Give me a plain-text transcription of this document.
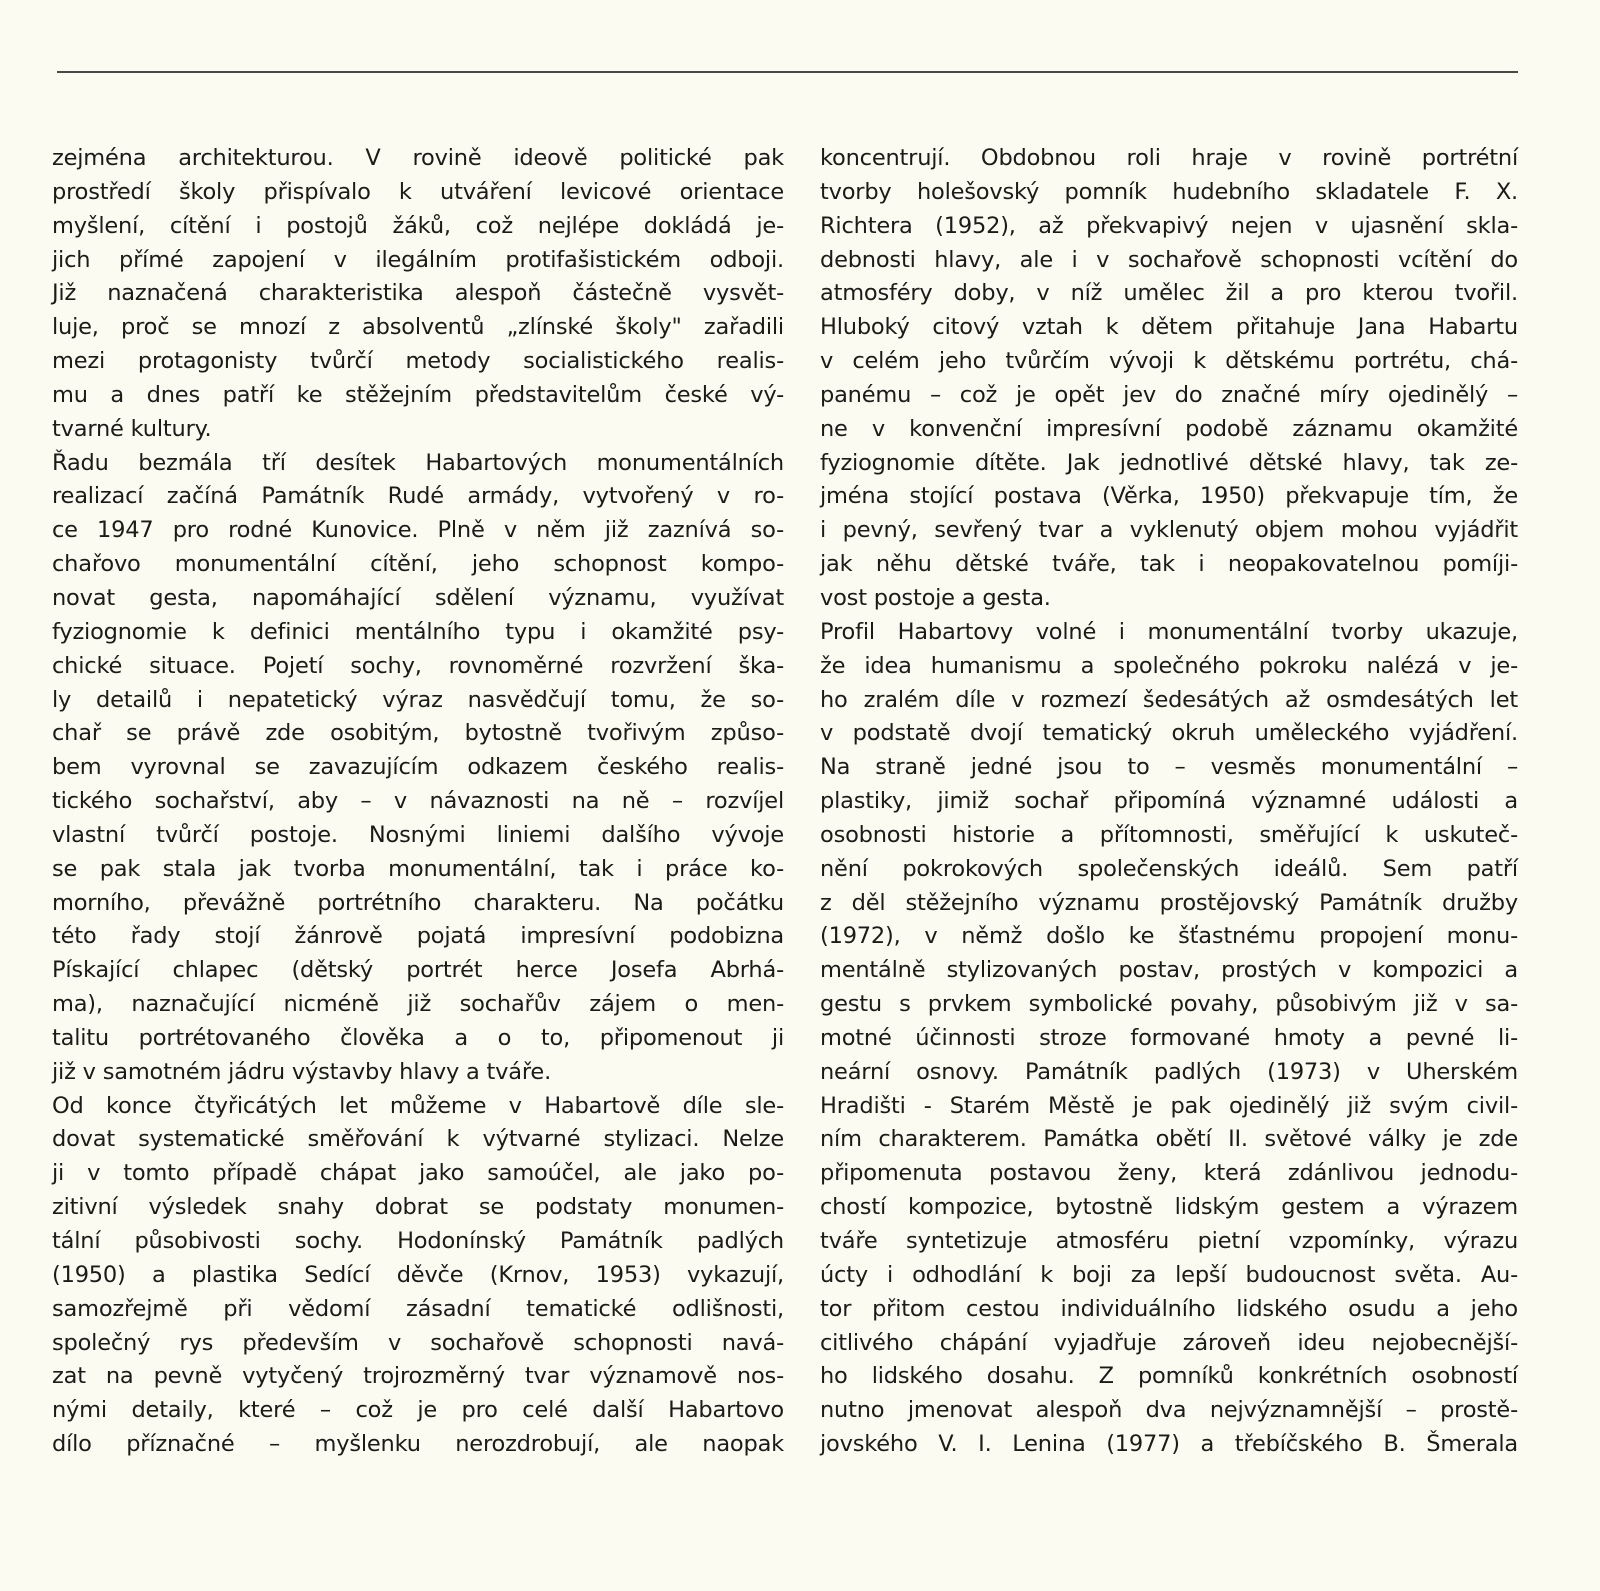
zejména architekturou. V rovině ideově politické pak
prostředí školy přispívalo k utváření levicové orientace
myšlení, cítění i postojů žáků, což nejlépe dokládá je-
jich přímé zapojení v ilegálním protifašistickém odboji.
Již naznačená charakteristika alespoň částečně vysvět-
luje, proč se mnozí z absolventů „zlínské školy" zařadili
mezi protagonisty tvůrčí metody socialistického realis-
mu a dnes patří ke stěžejním představitelům české vý-
tvarné kultury.
Řadu bezmála tří desítek Habartových monumentálních
realizací začíná Památník Rudé armády, vytvořený v ro-
ce 1947 pro rodné Kunovice. Plně v něm již zaznívá so-
chařovo monumentální cítění, jeho schopnost kompo-
novat gesta, napomáhající sdělení významu, využívat
fyziognomie k definici mentálního typu i okamžité psy-
chické situace. Pojetí sochy, rovnoměrné rozvržení ška-
ly detailů i nepatetický výraz nasvědčují tomu, že so-
chař se právě zde osobitým, bytostně tvořivým způso-
bem vyrovnal se zavazujícím odkazem českého realis-
tického sochařství, aby – v návaznosti na ně – rozvíjel
vlastní tvůrčí postoje. Nosnými liniemi dalšího vývoje
se pak stala jak tvorba monumentální, tak i práce ko-
morního, převážně portrétního charakteru. Na počátku
této řady stojí žánrově pojatá impresívní podobizna
Pískající chlapec (dětský portrét herce Josefa Abrhá-
ma), naznačující nicméně již sochařův zájem o men-
talitu portrétovaného člověka a o to, připomenout ji
již v samotném jádru výstavby hlavy a tváře.
Od konce čtyřicátých let můžeme v Habartově díle sle-
dovat systematické směřování k výtvarné stylizaci. Nelze
ji v tomto případě chápat jako samoúčel, ale jako po-
zitivní výsledek snahy dobrat se podstaty monumen-
tální působivosti sochy. Hodonínský Památník padlých
(1950) a plastika Sedící děvče (Krnov, 1953) vykazují,
samozřejmě při vědomí zásadní tematické odlišnosti,
společný rys především v sochařově schopnosti navá-
zat na pevně vytyčený trojrozměrný tvar významově nos-
nými detaily, které – což je pro celé další Habartovo
dílo příznačné – myšlenku nerozdrobují, ale naopak
koncentrují. Obdobnou roli hraje v rovině portrétní
tvorby holešovský pomník hudebního skladatele F. X.
Richtera (1952), až překvapivý nejen v ujasnění skla-
debnosti hlavy, ale i v sochařově schopnosti vcítění do
atmosféry doby, v níž umělec žil a pro kterou tvořil.
Hluboký citový vztah k dětem přitahuje Jana Habartu
v celém jeho tvůrčím vývoji k dětskému portrétu, chá-
panému – což je opět jev do značné míry ojedinělý –
ne v konvenční impresívní podobě záznamu okamžité
fyziognomie dítěte. Jak jednotlivé dětské hlavy, tak ze-
jména stojící postava (Věrka, 1950) překvapuje tím, že
i pevný, sevřený tvar a vyklenutý objem mohou vyjádřit
jak něhu dětské tváře, tak i neopakovatelnou pomíji-
vost postoje a gesta.
Profil Habartovy volné i monumentální tvorby ukazuje,
že idea humanismu a společného pokroku nalézá v je-
ho zralém díle v rozmezí šedesátých až osmdesátých let
v podstatě dvojí tematický okruh uměleckého vyjádření.
Na straně jedné jsou to – vesměs monumentální –
plastiky, jimiž sochař připomíná významné události a
osobnosti historie a přítomnosti, směřující k uskuteč-
nění pokrokových společenských ideálů. Sem patří
z děl stěžejního významu prostějovský Památník družby
(1972), v němž došlo ke šťastnému propojení monu-
mentálně stylizovaných postav, prostých v kompozici a
gestu s prvkem symbolické povahy, působivým již v sa-
motné účinnosti stroze formované hmoty a pevné li-
neární osnovy. Památník padlých (1973) v Uherském
Hradišti - Starém Městě je pak ojedinělý již svým civil-
ním charakterem. Památka obětí II. světové války je zde
připomenuta postavou ženy, která zdánlivou jednodu-
chostí kompozice, bytostně lidským gestem a výrazem
tváře syntetizuje atmosféru pietní vzpomínky, výrazu
úcty i odhodlání k boji za lepší budoucnost světa. Au-
tor přitom cestou individuálního lidského osudu a jeho
citlivého chápání vyjadřuje zároveň ideu nejobecnější-
ho lidského dosahu. Z pomníků konkrétních osobností
nutno jmenovat alespoň dva nejvýznamnější – prostě-
jovského V. I. Lenina (1977) a třebíčského B. Šmerala
